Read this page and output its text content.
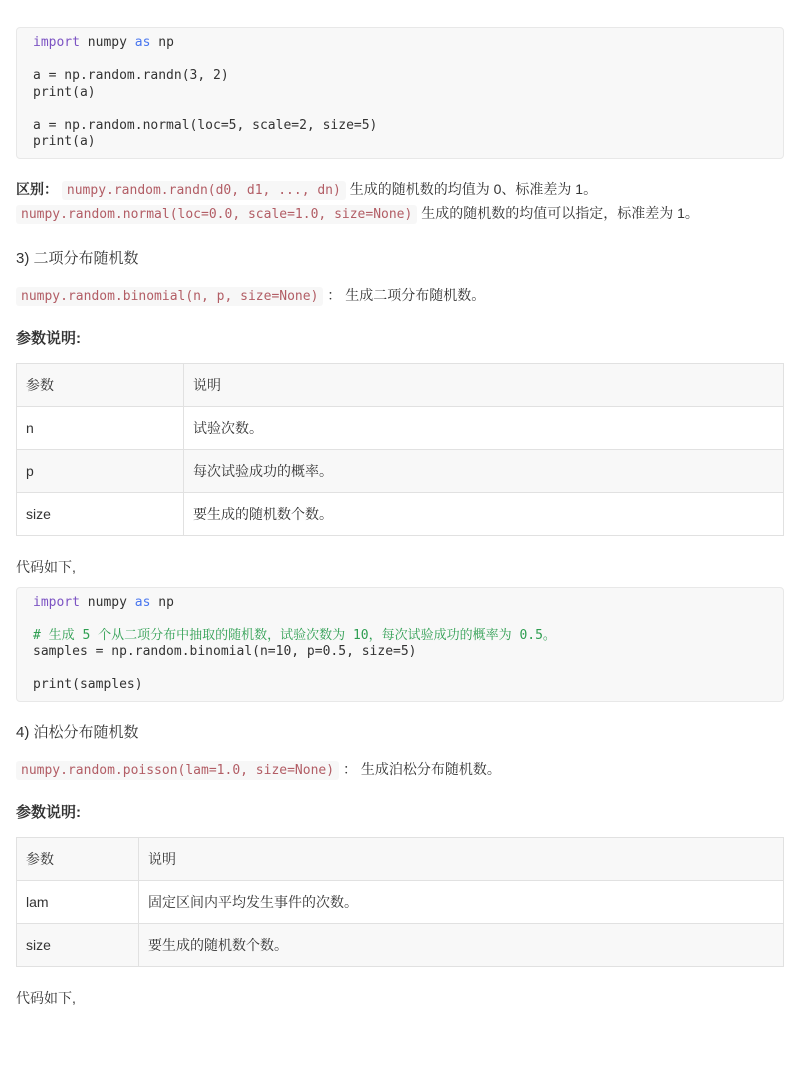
import numpy as np
a = np.random.randn(3, 2)
print(a)
a = np.random.normal(loc=5, scale=2, size=5)
print(a)

区别： numpy.random.randn(d0, d1, ..., dn) 生成的随机数的均值为 0、标准差为 1。 numpy.random.normal(loc=0.0, scale=1.0, size=None) 生成的随机数的均值可以指定，标准差为 1。

3) 二项分布随机数

numpy.random.binomial(n, p, size=None) ： 生成二项分布随机数。

参数说明:

参数	说明
n	试验次数。
p	每次试验成功的概率。
size	要生成的随机数个数。

代码如下,

import numpy as np
# 生成 5 个从二项分布中抽取的随机数，试验次数为 10，每次试验成功的概率为 0.5。
samples = np.random.binomial(n=10, p=0.5, size=5)
print(samples)

4) 泊松分布随机数

numpy.random.poisson(lam=1.0, size=None) ： 生成泊松分布随机数。

参数说明:

参数	说明
lam	固定区间内平均发生事件的次数。
size	要生成的随机数个数。

代码如下,
